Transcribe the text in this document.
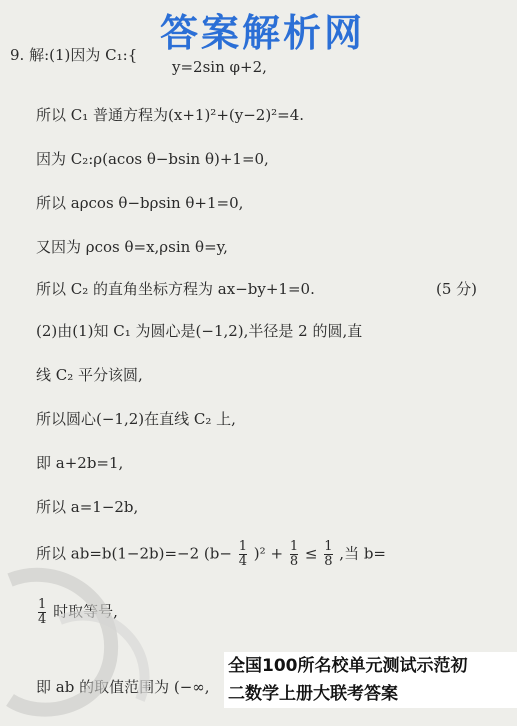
答案解析网
9. 解:(1)因为 C₁:{
y=2sin φ+2,
所以 C₁ 普通方程为(x+1)²+(y−2)²=4.
因为 C₂:ρ(acos θ−bsin θ)+1=0,
所以 aρcos θ−bρsin θ+1=0,
又因为 ρcos θ=x,ρsin θ=y,
所以 C₂ 的直角坐标方程为 ax−by+1=0.	(5 分)
(2)由(1)知 C₁ 为圆心是(−1,2),半径是 2 的圆,直
线 C₂ 平分该圆,
所以圆心(−1,2)在直线 C₂ 上,
即 a+2b=1,
所以 a=1−2b,
所以 ab=b(1−2b)=−2 $(b- \frac{1}{4} )^2 + \frac{1}{8} \le \frac{1}{8}$ ,当 b=
$\frac{1}{4}$ 时取等号,
即 ab 的取值范围为 (−∞,
全国100所名校单元测试示范初
二数学上册大联考答案
